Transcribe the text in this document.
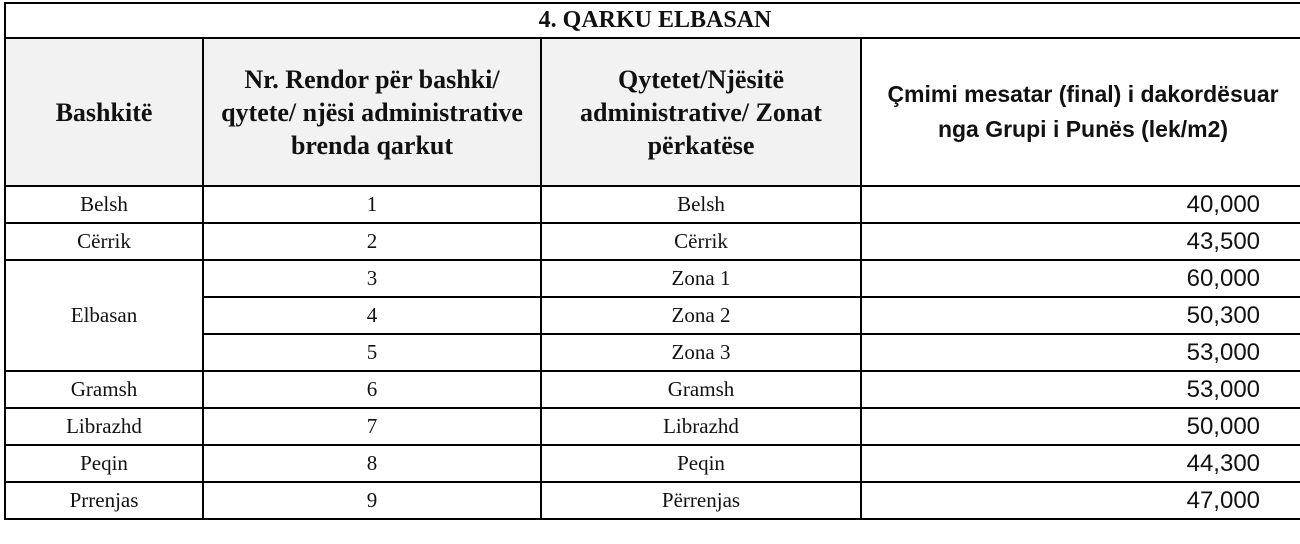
4. QARKU ELBASAN			

Bashkitë	Nr. Rendor për bashki/ qytete/ njësi administrative brenda qarkut	Qytetet/Njësitë administrative/ Zonat përkatëse	Çmimi mesatar (final) i dakordësuar nga Grupi i Punës (lek/m2)

Belsh	1	Belsh	40,000
Cërrik	2	Cërrik	43,500
Elbasan	3	Zona 1	60,000
	4	Zona 2	50,300
	5	Zona 3	53,000
Gramsh	6	Gramsh	53,000
Librazhd	7	Librazhd	50,000
Peqin	8	Peqin	44,300
Prrenjas	9	Përrenjas	47,000
